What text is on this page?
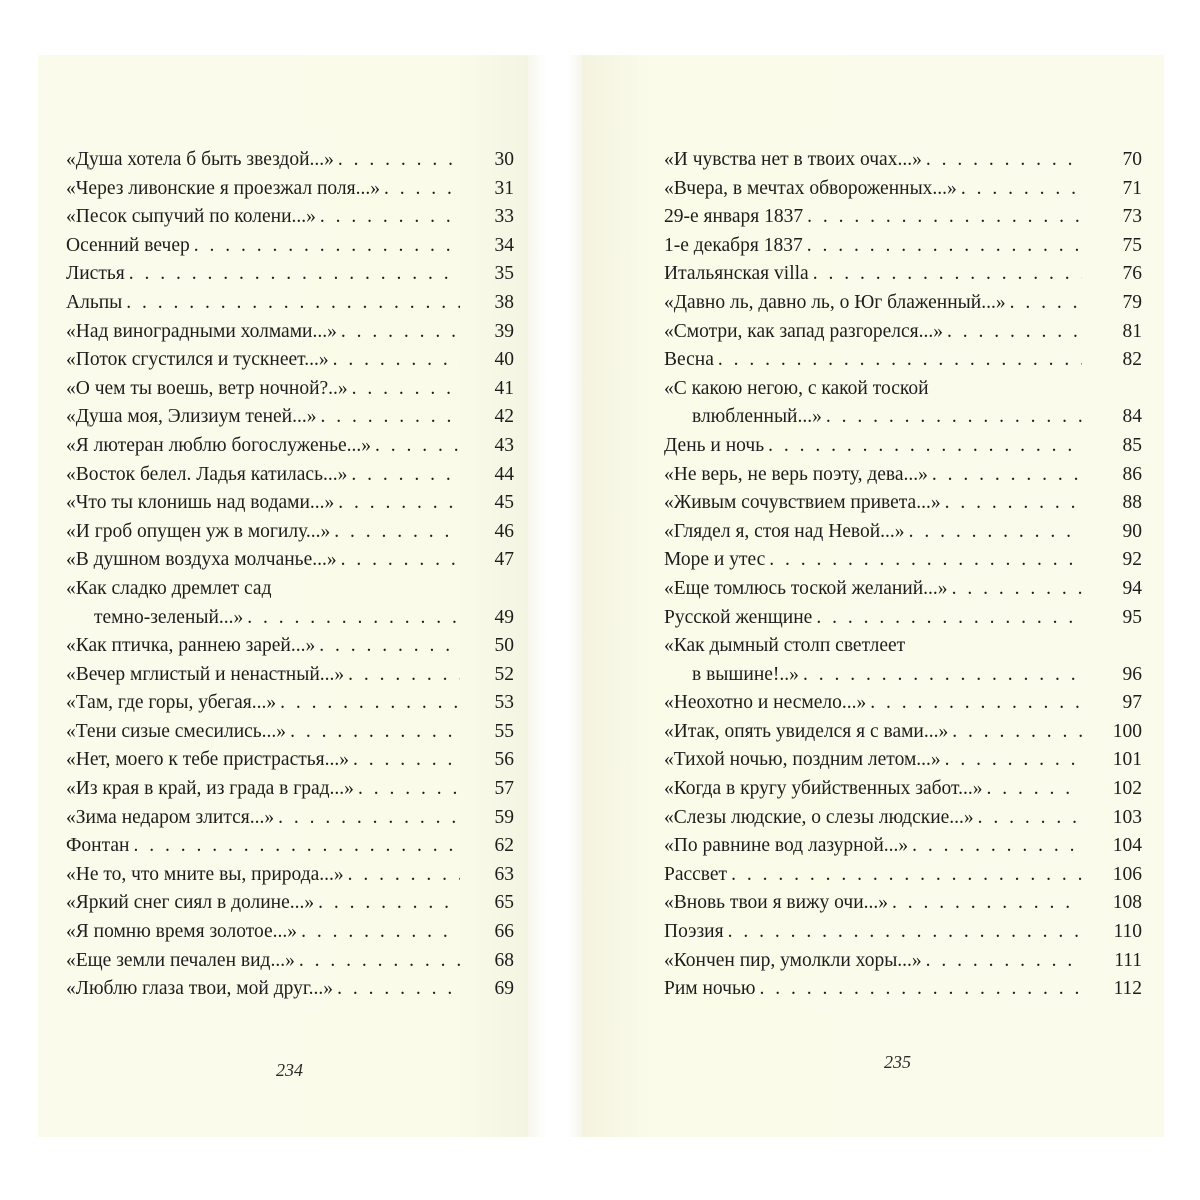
«Душа хотела б быть звездой...» . . .	30
«Через ливонские я проезжал поля...» . . .	31
«Песок сыпучий по колени...» . . .	33
Осенний вечер . . .	34
Листья . . .	35
Альпы . . .	38
«Над виноградными холмами...» . . .	39
«Поток сгустился и тускнеет...» . . .	40
«О чем ты воешь, ветр ночной?..» . . .	41
«Душа моя, Элизиум теней...» . . .	42
«Я лютеран люблю богослуженье...» . . .	43
«Восток белел. Ладья катилась...» . . .	44
«Что ты клонишь над водами...» . . .	45
«И гроб опущен уж в могилу...» . . .	46
«В душном воздуха молчанье...» . . .	47
«Как сладко дремлет сад
темно-зеленый...» . . .	49
«Как птичка, раннею зарей...» . . .	50
«Вечер мглистый и ненастный...» . . .	52
«Там, где горы, убегая...» . . .	53
«Тени сизые смесились...» . . .	55
«Нет, моего к тебе пристрастья...» . . .	56
«Из края в край, из града в град...» . . .	57
«Зима недаром злится...» . . .	59
Фонтан . . .	62
«Не то, что мните вы, природа...» . . .	63
«Яркий снег сиял в долине...» . . .	65
«Я помню время золотое...» . . .	66
«Еще земли печален вид...» . . .	68
«Люблю глаза твои, мой друг...» . . .	69
«И чувства нет в твоих очах...» . . .	70
«Вчера, в мечтах обвороженных...» . . .	71
29-е января 1837 . . .	73
1-е декабря 1837 . . .	75
Итальянская villa . . .	76
«Давно ль, давно ль, о Юг блаженный...» . . .	79
«Смотри, как запад разгорелся...» . . .	81
Весна . . .	82
«С какою негою, с какой тоской
влюбленный...» . . .	84
День и ночь . . .	85
«Не верь, не верь поэту, дева...» . . .	86
«Живым сочувствием привета...» . . .	88
«Глядел я, стоя над Невой...» . . .	90
Море и утес . . .	92
«Еще томлюсь тоской желаний...» . . .	94
Русской женщине . . .	95
«Как дымный столп светлеет
в вышине!..» . . .	96
«Неохотно и несмело...» . . .	97
«Итак, опять увиделся я с вами...» . . .	100
«Тихой ночью, поздним летом...» . . .	101
«Когда в кругу убийственных забот...» . . .	102
«Слезы людские, о слезы людские...» . . .	103
«По равнине вод лазурной...» . . .	104
Рассвет . . .	106
«Вновь твои я вижу очи...» . . .	108
Поэзия . . .	110
«Кончен пир, умолкли хоры...» . . .	111
Рим ночью . . .	112
234	235
